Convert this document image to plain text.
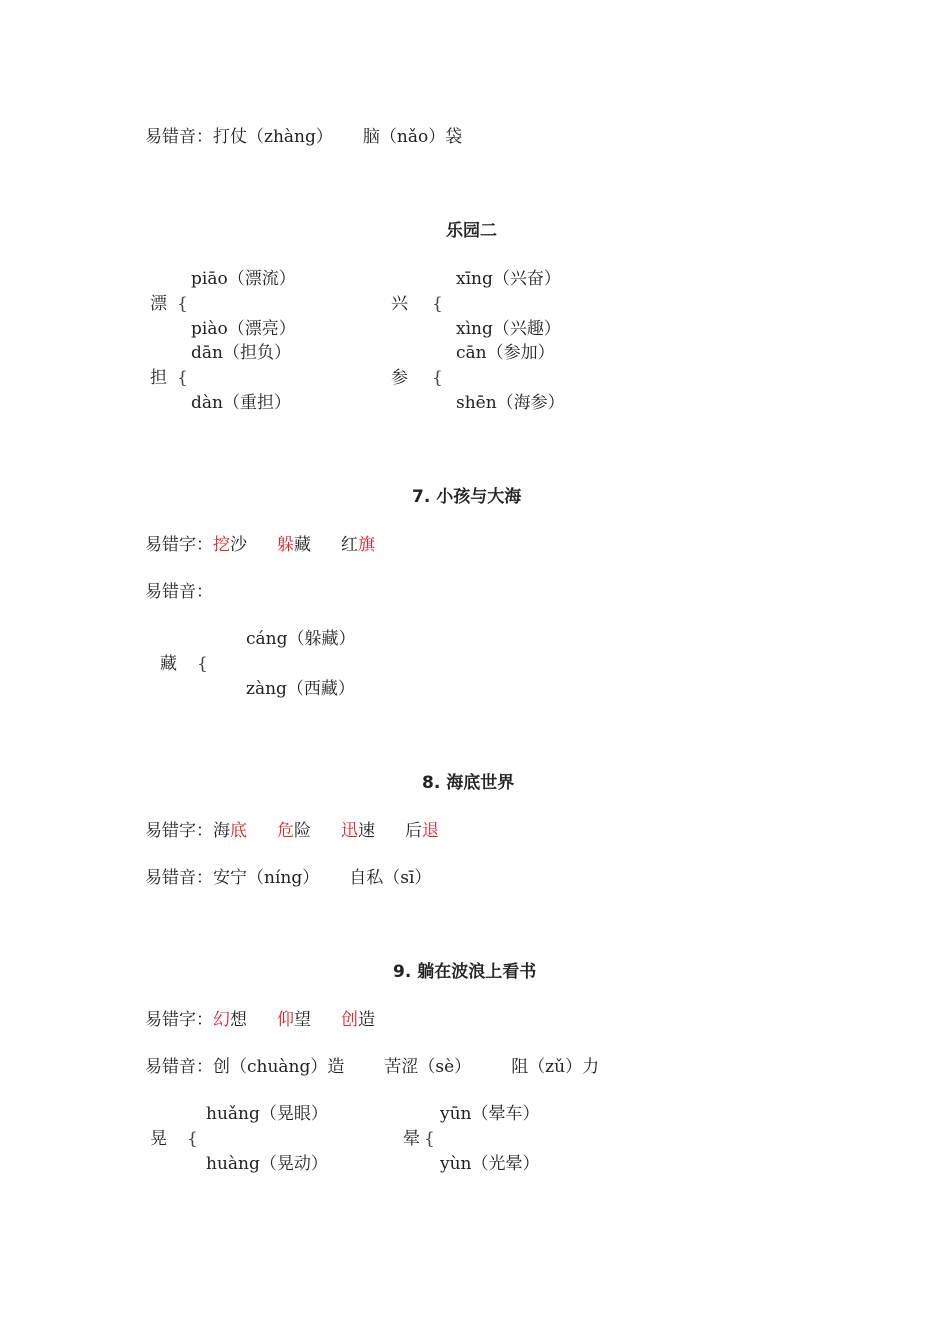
易错音：打仗（zhàng） 脑（nǎo）袋
乐园二
piāo（漂流）
漂 {
piào（漂亮）
xīng（兴奋）
兴 {
xìng（兴趣）
dān（担负）
担 {
dàn（重担）
cān（参加）
参 {
shēn（海参）
7. 小孩与大海
易错字：挖沙 躲藏 红旗
易错音：
cáng（躲藏）
藏 {
zàng（西藏）
8. 海底世界
易错字：海底 危险 迅速 后退
易错音：安宁（níng） 自私（sī）
9. 躺在波浪上看书
易错字：幻想 仰望 创造
易错音：创（chuàng）造 苦涩（sè） 阻（zǔ）力
huǎng（晃眼）
晃 {
huàng（晃动）
yūn（晕车）
晕 {
yùn（光晕）
